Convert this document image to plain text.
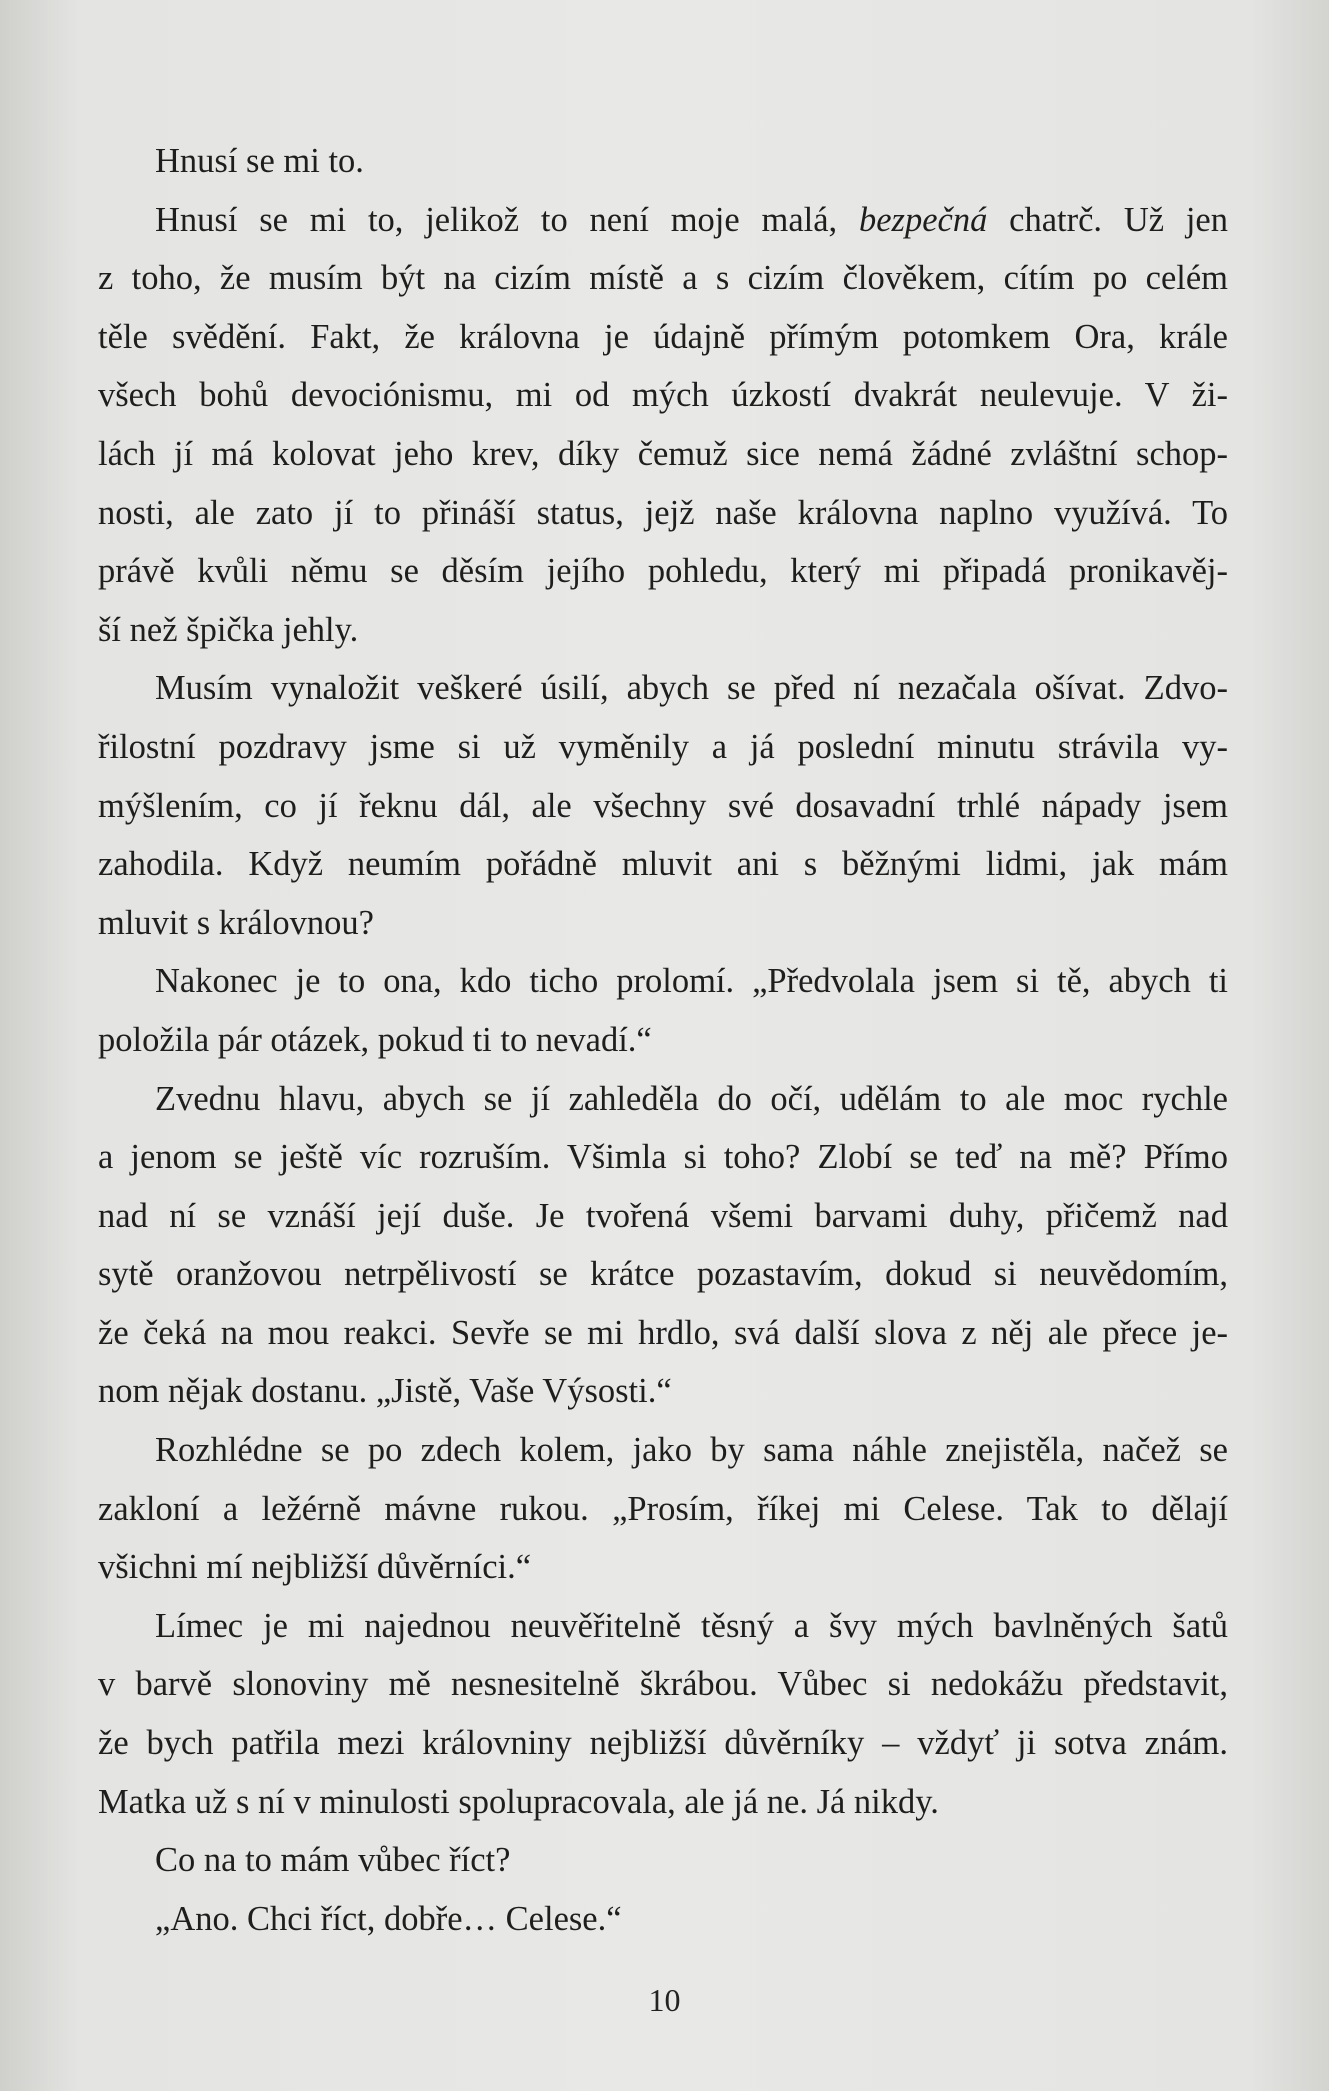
Hnusí se mi to.
Hnusí se mi to, jelikož to není moje malá, bezpečná chatrč. Už jen
z toho, že musím být na cizím místě a s cizím člověkem, cítím po celém
těle svědění. Fakt, že královna je údajně přímým potomkem Ora, krále
všech bohů devociónismu, mi od mých úzkostí dvakrát neulevuje. V ži-
lách jí má kolovat jeho krev, díky čemuž sice nemá žádné zvláštní schop-
nosti, ale zato jí to přináší status, jejž naše královna naplno využívá. To
právě kvůli němu se děsím jejího pohledu, který mi připadá pronikavěj-
ší než špička jehly.
Musím vynaložit veškeré úsilí, abych se před ní nezačala ošívat. Zdvo-
řilostní pozdravy jsme si už vyměnily a já poslední minutu strávila vy-
mýšlením, co jí řeknu dál, ale všechny své dosavadní trhlé nápady jsem
zahodila. Když neumím pořádně mluvit ani s běžnými lidmi, jak mám
mluvit s královnou?
Nakonec je to ona, kdo ticho prolomí. „Předvolala jsem si tě, abych ti
položila pár otázek, pokud ti to nevadí.“
Zvednu hlavu, abych se jí zahleděla do očí, udělám to ale moc rychle
a jenom se ještě víc rozruším. Všimla si toho? Zlobí se teď na mě? Přímo
nad ní se vznáší její duše. Je tvořená všemi barvami duhy, přičemž nad
sytě oranžovou netrpělivostí se krátce pozastavím, dokud si neuvědomím,
že čeká na mou reakci. Sevře se mi hrdlo, svá další slova z něj ale přece je-
nom nějak dostanu. „Jistě, Vaše Výsosti.“
Rozhlédne se po zdech kolem, jako by sama náhle znejistěla, načež se
zakloní a ležérně mávne rukou. „Prosím, říkej mi Celese. Tak to dělají
všichni mí nejbližší důvěrníci.“
Límec je mi najednou neuvěřitelně těsný a švy mých bavlněných šatů
v barvě slonoviny mě nesnesitelně škrábou. Vůbec si nedokážu představit,
že bych patřila mezi královniny nejbližší důvěrníky – vždyť ji sotva znám.
Matka už s ní v minulosti spolupracovala, ale já ne. Já nikdy.
Co na to mám vůbec říct?
„Ano. Chci říct, dobře… Celese.“
10
